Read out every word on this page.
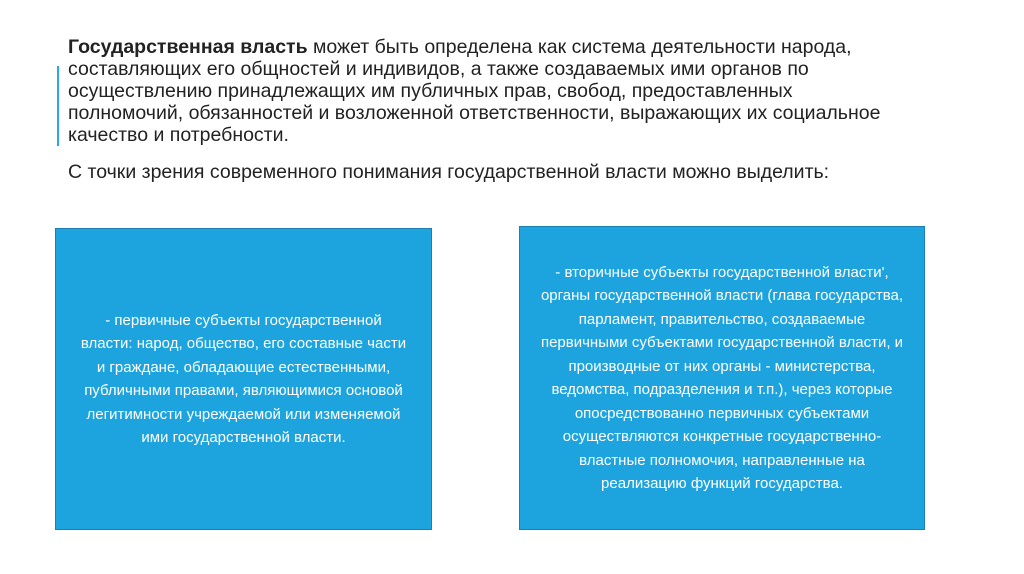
Государственная власть может быть определена как система деятельности народа, составляющих его общностей и индивидов, а также создаваемых ими органов по осуществлению принадлежащих им публичных прав, свобод, предоставленных полномочий, обязанностей и возложенной ответственности, выражающих их социальное качество и потребности.

С точки зрения современного понимания государственной власти можно выделить:

- первичные субъекты государственной власти: народ, общество, его составные части и граждане, обладающие естественными, публичными правами, являющимися основой легитимности учреждаемой или изменяемой ими государственной власти.

- вторичные субъекты государственной власти', органы государственной власти (глава государства, парламент, правительство, создаваемые первичными субъектами государственной власти, и производные от них органы - министерства, ведомства, подразделения и т.п.), через которые опосредствованно первичных субъектами осуществляются конкретные государственно-властные полномочия, направленные на реализацию функций государства.
